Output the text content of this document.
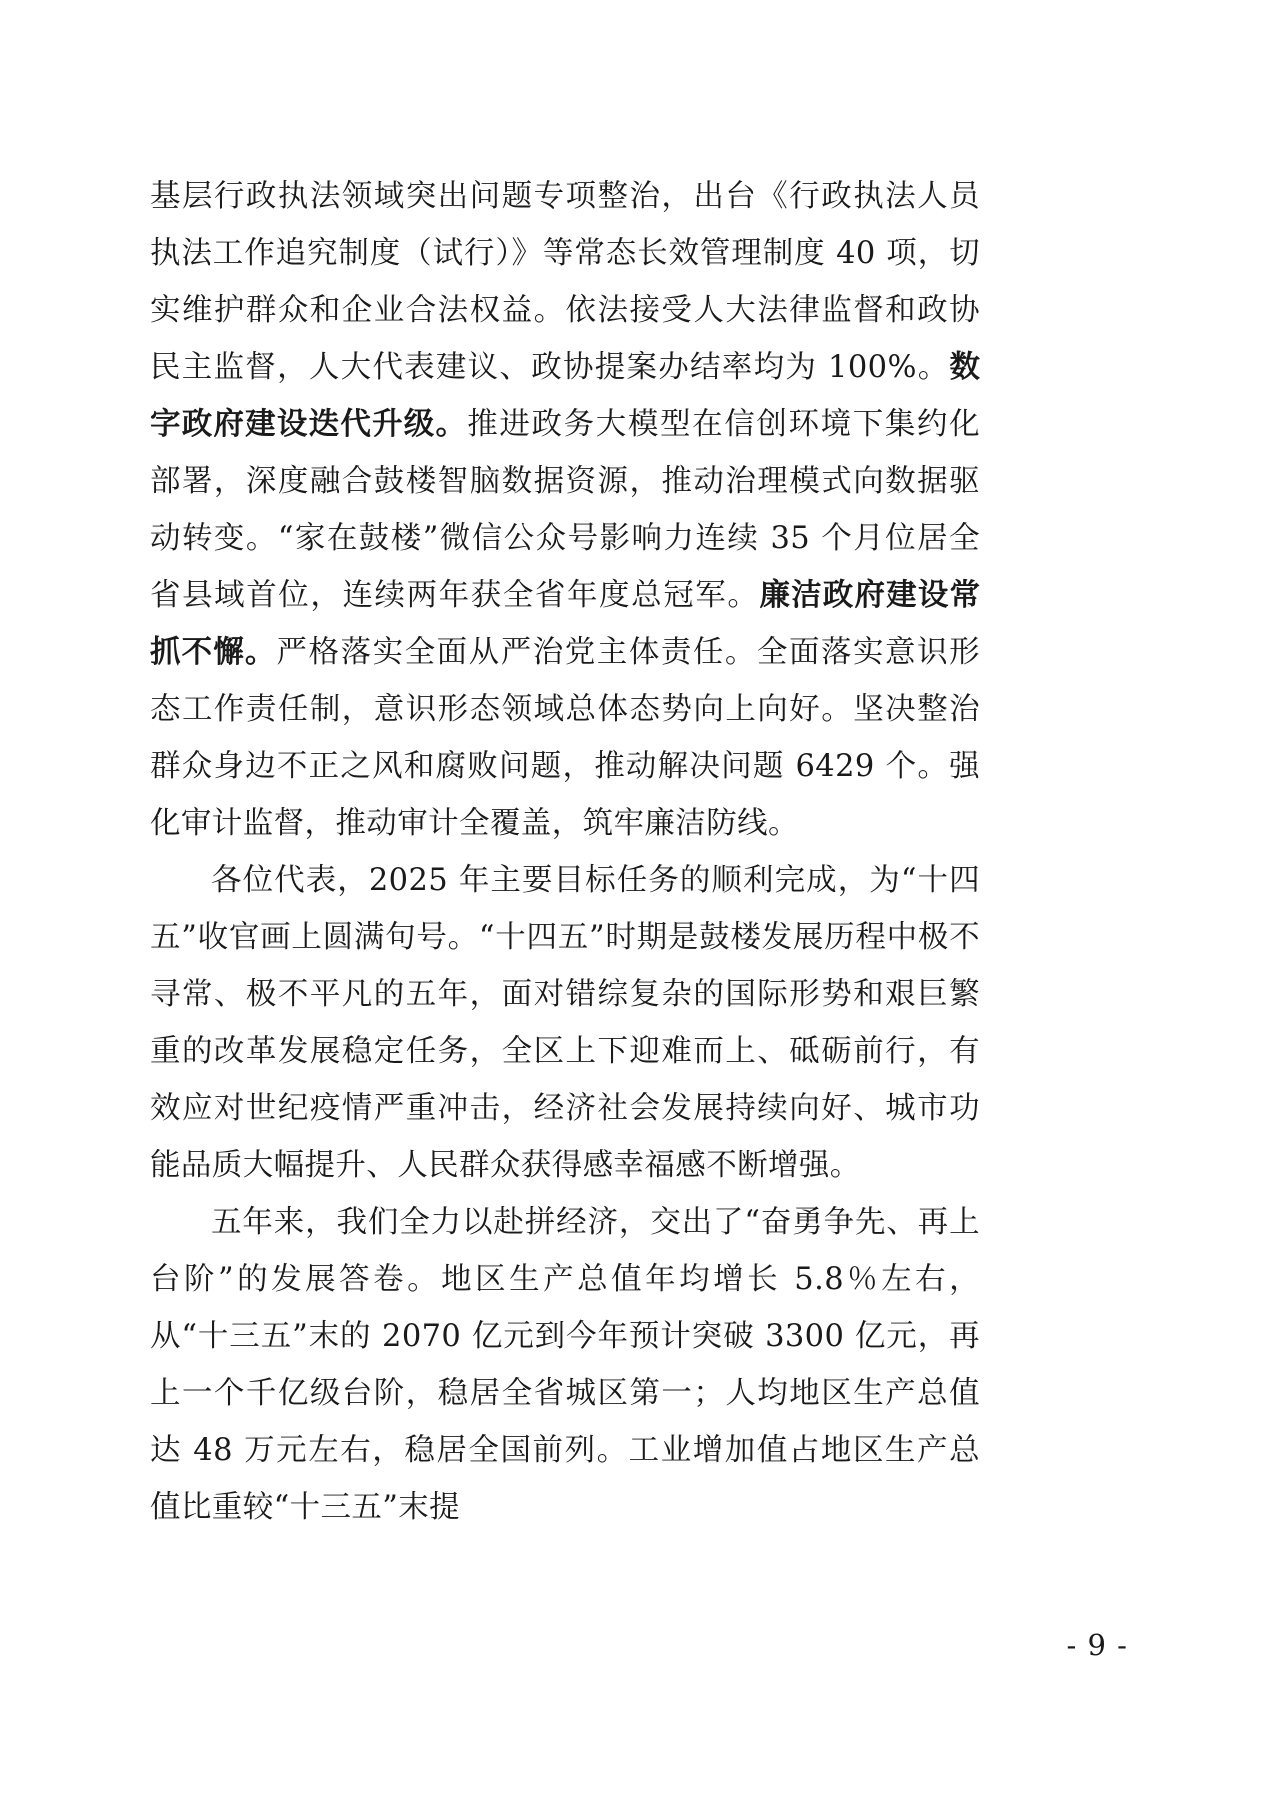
基层行政执法领域突出问题专项整治，出台《行政执法人员执法工作追究制度（试行）》等常态长效管理制度 40 项，切实维护群众和企业合法权益。依法接受人大法律监督和政协民主监督，人大代表建议、政协提案办结率均为 100%。数字政府建设迭代升级。推进政务大模型在信创环境下集约化部署，深度融合鼓楼智脑数据资源，推动治理模式向数据驱动转变。“家在鼓楼”微信公众号影响力连续 35 个月位居全省县域首位，连续两年获全省年度总冠军。廉洁政府建设常抓不懈。严格落实全面从严治党主体责任。全面落实意识形态工作责任制，意识形态领域总体态势向上向好。坚决整治群众身边不正之风和腐败问题，推动解决问题 6429 个。强化审计监督，推动审计全覆盖，筑牢廉洁防线。

各位代表，2025 年主要目标任务的顺利完成，为“十四五”收官画上圆满句号。“十四五”时期是鼓楼发展历程中极不寻常、极不平凡的五年，面对错综复杂的国际形势和艰巨繁重的改革发展稳定任务，全区上下迎难而上、砥砺前行，有效应对世纪疫情严重冲击，经济社会发展持续向好、城市功能品质大幅提升、人民群众获得感幸福感不断增强。

五年来，我们全力以赴拼经济，交出了“奋勇争先、再上台阶”的发展答卷。地区生产总值年均增长 5.8％左右，从“十三五”末的 2070 亿元到今年预计突破 3300 亿元，再上一个千亿级台阶，稳居全省城区第一；人均地区生产总值达 48 万元左右，稳居全国前列。工业增加值占地区生产总值比重较“十三五”末提

- 9 -
